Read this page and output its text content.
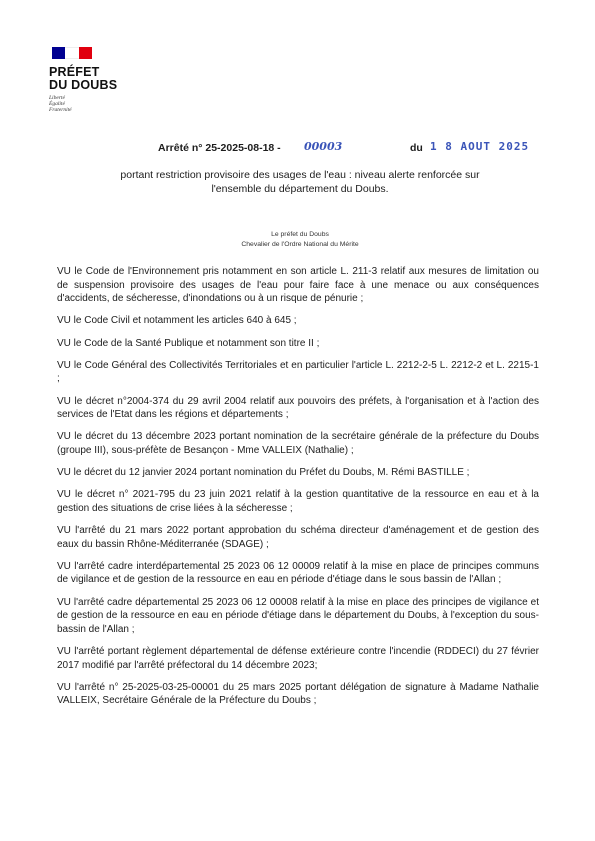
PRÉFET
DU DOUBS
Liberté
Égalité
Fraternité
Arrêté n° 25-2025-08-18 - 00003	du 1 8 AOUT 2025
portant restriction provisoire des usages de l'eau : niveau alerte renforcée sur l'ensemble du département du Doubs.
Le préfet du Doubs
Chevalier de l'Ordre National du Mérite

VU le Code de l'Environnement pris notamment en son article L. 211-3 relatif aux mesures de limitation ou de suspension provisoire des usages de l'eau pour faire face à une menace ou aux conséquences d'accidents, de sécheresse, d'inondations ou à un risque de pénurie ;

VU le Code Civil et notamment les articles 640 à 645 ;

VU le Code de la Santé Publique et notamment son titre II ;

VU le Code Général des Collectivités Territoriales et en particulier l'article L. 2212-2-5 L. 2212-2 et L. 2215-1 ;

VU le décret n°2004-374 du 29 avril 2004 relatif aux pouvoirs des préfets, à l'organisation et à l'action des services de l'Etat dans les régions et départements ;

VU le décret du 13 décembre 2023 portant nomination de la secrétaire générale de la préfecture du Doubs (groupe III), sous-préfète de Besançon - Mme VALLEIX (Nathalie) ;

VU le décret du 12 janvier 2024 portant nomination du Préfet du Doubs, M. Rémi BASTILLE ;

VU le décret n° 2021-795 du 23 juin 2021 relatif à la gestion quantitative de la ressource en eau et à la gestion des situations de crise liées à la sécheresse ;

VU l'arrêté du 21 mars 2022 portant approbation du schéma directeur d'aménagement et de gestion des eaux du bassin Rhône-Méditerranée (SDAGE) ;

VU l'arrêté cadre interdépartemental 25 2023 06 12 00009 relatif à la mise en place de principes communs de vigilance et de gestion de la ressource en eau en période d'étiage dans le sous bassin de l'Allan ;

VU l'arrêté cadre départemental 25 2023 06 12 00008 relatif à la mise en place des principes de vigilance et de gestion de la ressource en eau en période d'étiage dans le département du Doubs, à l'exception du sous-bassin de l'Allan ;

VU l'arrêté portant règlement départemental de défense extérieure contre l'incendie (RDDECI) du 27 février 2017 modifié par l'arrêté préfectoral du 14 décembre 2023;

VU l'arrêté n° 25-2025-03-25-00001 du 25 mars 2025 portant délégation de signature à Madame Nathalie VALLEIX, Secrétaire Générale de la Préfecture du Doubs ;
